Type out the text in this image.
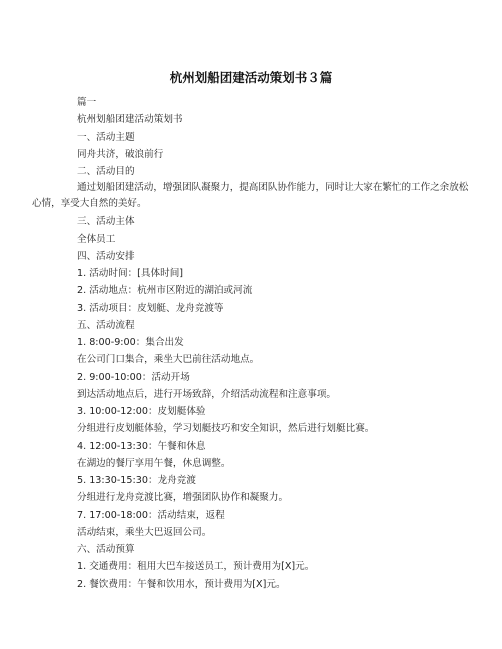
杭州划船团建活动策划书３篇
篇一
杭州划船团建活动策划书
一、活动主题
同舟共济，破浪前行
二、活动目的
通过划船团建活动，增强团队凝聚力，提高团队协作能力，同时让大家在繁忙的工作之余放松心情，享受大自然的美好。
三、活动主体
全体员工
四、活动安排
1. 活动时间：[具体时间]
2. 活动地点：杭州市区附近的湖泊或河流
3. 活动项目：皮划艇、龙舟竞渡等
五、活动流程
1. 8:00-9:00：集合出发
在公司门口集合，乘坐大巴前往活动地点。
2. 9:00-10:00：活动开场
到达活动地点后，进行开场致辞，介绍活动流程和注意事项。
3. 10:00-12:00：皮划艇体验
分组进行皮划艇体验，学习划艇技巧和安全知识，然后进行划艇比赛。
4. 12:00-13:30：午餐和休息
在湖边的餐厅享用午餐，休息调整。
5. 13:30-15:30：龙舟竞渡
分组进行龙舟竞渡比赛，增强团队协作和凝聚力。
7. 17:00-18:00：活动结束，返程
活动结束，乘坐大巴返回公司。
六、活动预算
1. 交通费用：租用大巴车接送员工，预计费用为[X]元。
2. 餐饮费用：午餐和饮用水，预计费用为[X]元。
